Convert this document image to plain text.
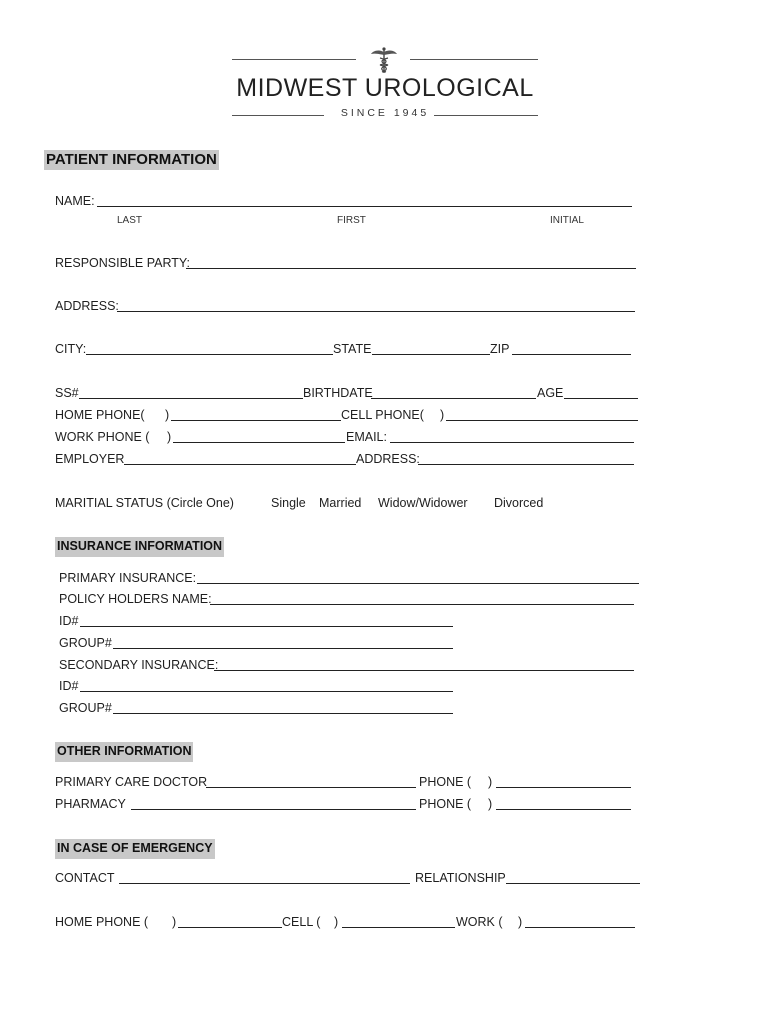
MIDWEST UROLOGICAL
SINCE 1945
PATIENT INFORMATION
NAME:
LAST	FIRST	INITIAL
RESPONSIBLE PARTY:
ADDRESS:
CITY:	STATE	ZIP
SS#	BIRTHDATE	AGE
HOME PHONE( )	CELL PHONE( )
WORK PHONE ( )	EMAIL:
EMPLOYER	ADDRESS:
MARITIAL STATUS (Circle One)	Single Married Widow/Widower Divorced
INSURANCE INFORMATION
PRIMARY INSURANCE:
POLICY HOLDERS NAME:
ID#
GROUP#
SECONDARY INSURANCE:
ID#
GROUP#
OTHER INFORMATION
PRIMARY CARE DOCTOR	PHONE ( )
PHARMACY	PHONE ( )
IN CASE OF EMERGENCY
CONTACT	RELATIONSHIP
HOME PHONE ( )	CELL ( )	WORK ( )
